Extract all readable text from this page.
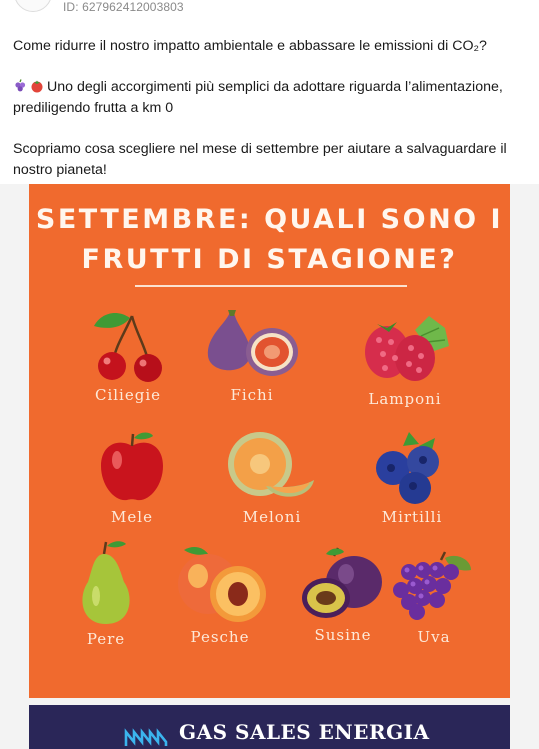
ID: 627962412003803

Come ridurre il nostro impatto ambientale e abbassare le emissioni di CO₂?

Uno degli accorgimenti più semplici da adottare riguarda l’alimentazione, prediligendo frutta a km 0

Scopriamo cosa scegliere nel mese di settembre per aiutare a salvaguardare il nostro pianeta!

SETTEMBRE: QUALI SONO I
FRUTTI DI STAGIONE?
Ciliegie	Fichi	Lamponi
Mele	Meloni	Mirtilli
Pere	Pesche	Susine	Uva
GAS SALES ENERGIA
